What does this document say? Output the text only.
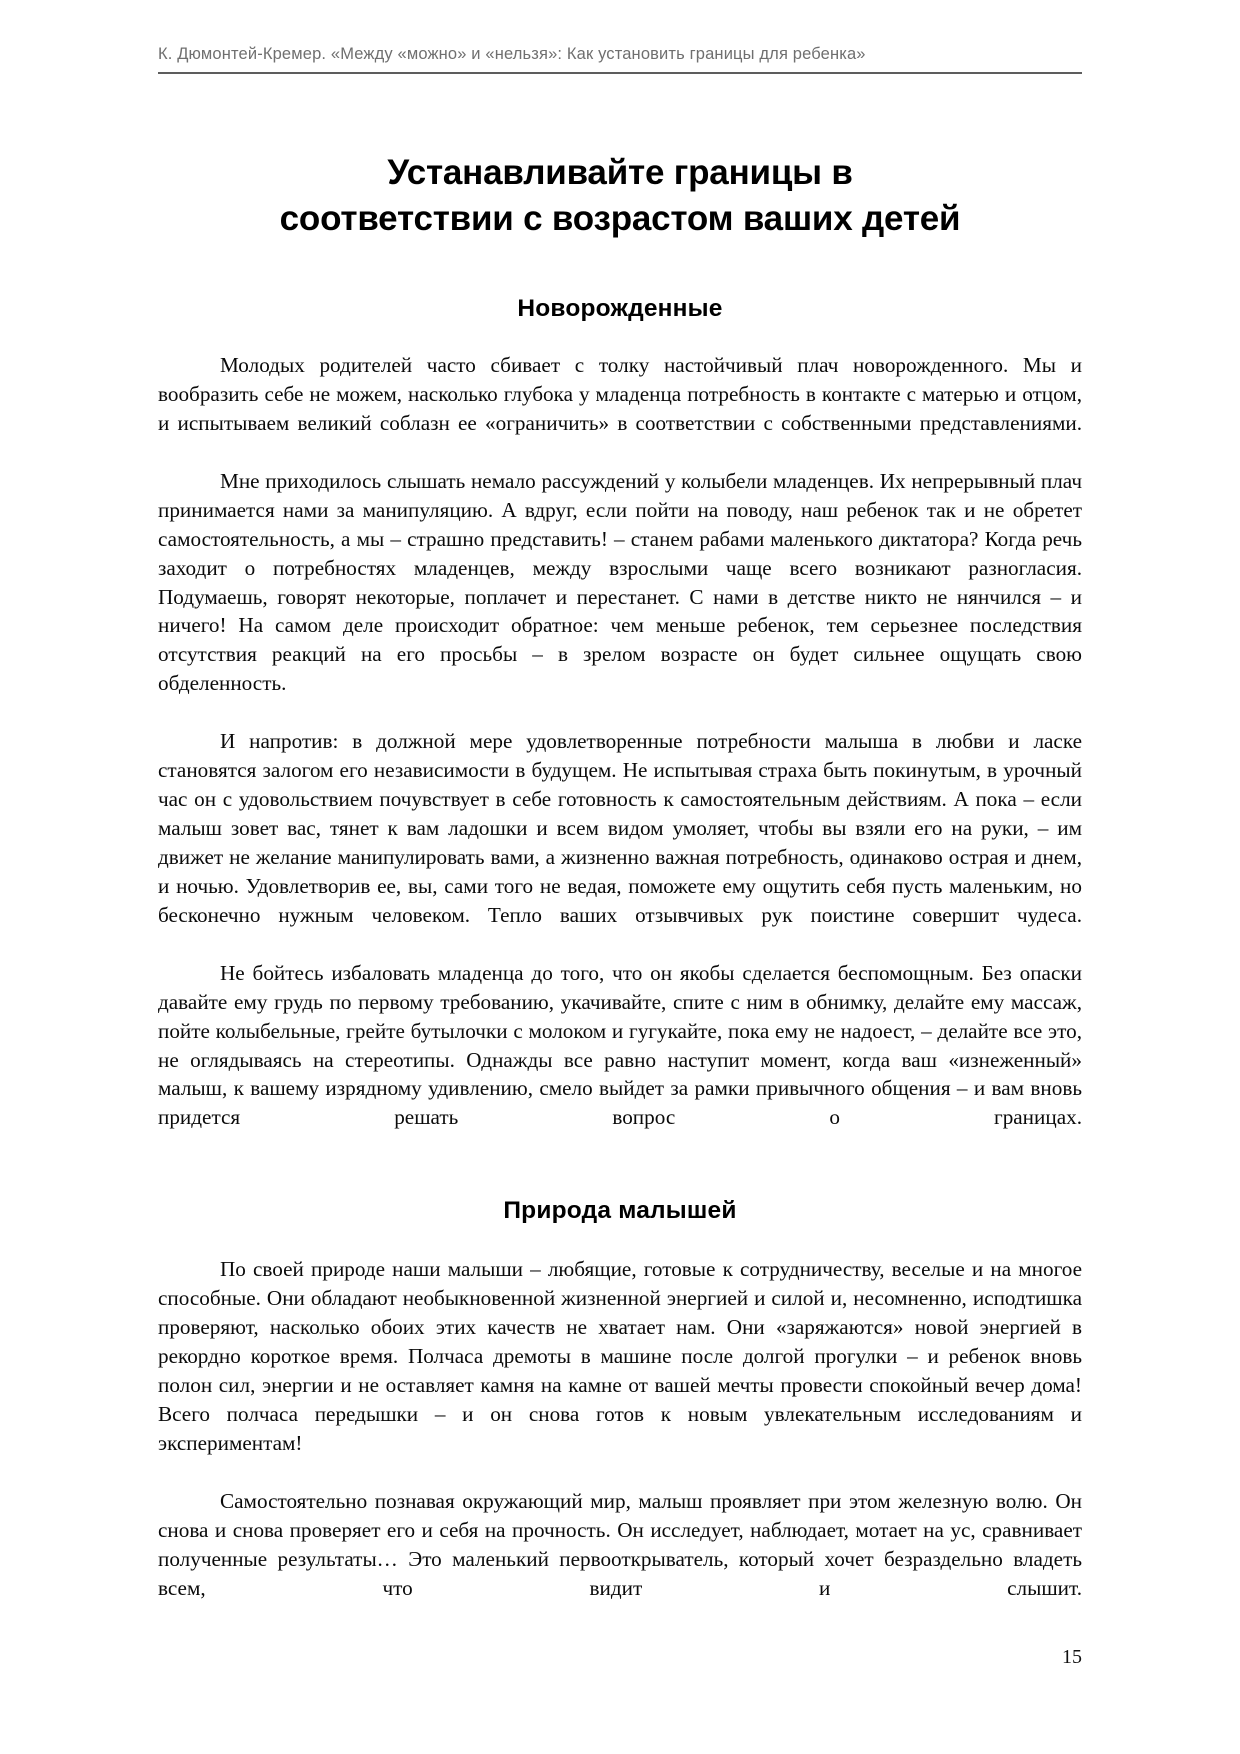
К. Дюмонтей-Кремер. «Между «можно» и «нельзя»: Как установить границы для ребенка»
Устанавливайте границы в
соответствии с возрастом ваших детей
Новорожденные

Молодых родителей часто сбивает с толку настойчивый плач новорожденного. Мы и вообразить себе не можем, насколько глубока у младенца потребность в контакте с матерью и отцом, и испытываем великий соблазн ее «ограничить» в соответствии с собственными представлениями.

Мне приходилось слышать немало рассуждений у колыбели младенцев. Их непрерывный плач принимается нами за манипуляцию. А вдруг, если пойти на поводу, наш ребенок так и не обретет самостоятельность, а мы – страшно представить! – станем рабами маленького диктатора? Когда речь заходит о потребностях младенцев, между взрослыми чаще всего возникают разногласия. Подумаешь, говорят некоторые, поплачет и перестанет. С нами в детстве никто не нянчился – и ничего! На самом деле происходит обратное: чем меньше ребенок, тем серьезнее последствия отсутствия реакций на его просьбы – в зрелом возрасте он будет сильнее ощущать свою обделенность.

И напротив: в должной мере удовлетворенные потребности малыша в любви и ласке становятся залогом его независимости в будущем. Не испытывая страха быть покинутым, в урочный час он с удовольствием почувствует в себе готовность к самостоятельным действиям. А пока – если малыш зовет вас, тянет к вам ладошки и всем видом умоляет, чтобы вы взяли его на руки, – им движет не желание манипулировать вами, а жизненно важная потребность, одинаково острая и днем, и ночью. Удовлетворив ее, вы, сами того не ведая, поможете ему ощутить себя пусть маленьким, но бесконечно нужным человеком. Тепло ваших отзывчивых рук поистине совершит чудеса.

Не бойтесь избаловать младенца до того, что он якобы сделается беспомощным. Без опаски давайте ему грудь по первому требованию, укачивайте, спите с ним в обнимку, делайте ему массаж, пойте колыбельные, грейте бутылочки с молоком и гугукайте, пока ему не надоест, – делайте все это, не оглядываясь на стереотипы. Однажды все равно наступит момент, когда ваш «изнеженный» малыш, к вашему изрядному удивлению, смело выйдет за рамки привычного общения – и вам вновь придется решать вопрос о границах.

Природа малышей

По своей природе наши малыши – любящие, готовые к сотрудничеству, веселые и на многое способные. Они обладают необыкновенной жизненной энергией и силой и, несомненно, исподтишка проверяют, насколько обоих этих качеств не хватает нам. Они «заряжаются» новой энергией в рекордно короткое время. Полчаса дремоты в машине после долгой прогулки – и ребенок вновь полон сил, энергии и не оставляет камня на камне от вашей мечты провести спокойный вечер дома! Всего полчаса передышки – и он снова готов к новым увлекательным исследованиям и экспериментам!

Самостоятельно познавая окружающий мир, малыш проявляет при этом железную волю. Он снова и снова проверяет его и себя на прочность. Он исследует, наблюдает, мотает на ус, сравнивает полученные результаты… Это маленький первооткрыватель, который хочет безраздельно владеть всем, что видит и слышит.

15
